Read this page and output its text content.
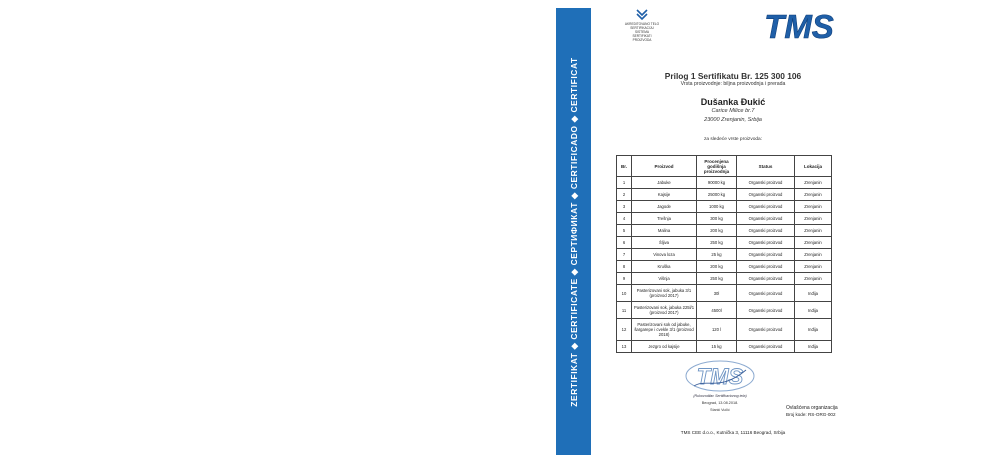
ZERTIFIKAT ◆ CERTIFICATE ◆ СЕРТИФИКАТ ◆ CERTIFICADO ◆ CERTIFICAT
AKREDITOVANO TELO
SERTIFIKACIJU
SISTEMA
SERTIFIKATI
PROIZVODA	TMS
Prilog 1 Sertifikatu Br. 125 300 106
Vrsta proizvodnje: biljna proizvodnja i prerada
Dušanka Đukić
Carice Milice br.7
23000 Zrenjanin, Srbija
za sledeće vrste proizvoda:
Br.	Proizvod	Procenjena godišnja proizvodnja	Status	Lokacija
1	Jabuke	90000 kg	Organski proizvod	Zrenjanin
2	Kajsije	25000 kg	Organski proizvod	Zrenjanin
3	Jagode	1000 kg	Organski proizvod	Zrenjanin
4	Trešnja	300 kg	Organski proizvod	Zrenjanin
5	Malina	200 kg	Organski proizvod	Zrenjanin
6	Šljiva	250 kg	Organski proizvod	Zrenjanin
7	Vinova loza	25 kg	Organski proizvod	Zrenjanin
8	Kruška	200 kg	Organski proizvod	Zrenjanin
9	Višnja	250 kg	Organski proizvod	Zrenjanin
10	Pasterizovani sok, jabuka 3/1 (proizvod 2017)	30l	Organski proizvod	Inđija
11	Pasterizovani sok, jabuka 225l/1 (proizvod 2017)	4500l	Organski proizvod	Inđija
12	Pasterizovani sok od jabuke, šargarepe i cvekle 3/1 (proizvod 2018)	120 l	Organski proizvod	Inđija
13	Jezgro od kajsije	15 kg	Organski proizvod	Inđija
TMS
(Rukovodilac Sertifikacionog tela)
Beograd, 13.08.2018.
Stanić Vučić	Ovlašćena organizacija
Broj kode: RS-ORG-002
TMS CEE d.o.o., Kutnička 3, 11116 Beograd, Srbija
